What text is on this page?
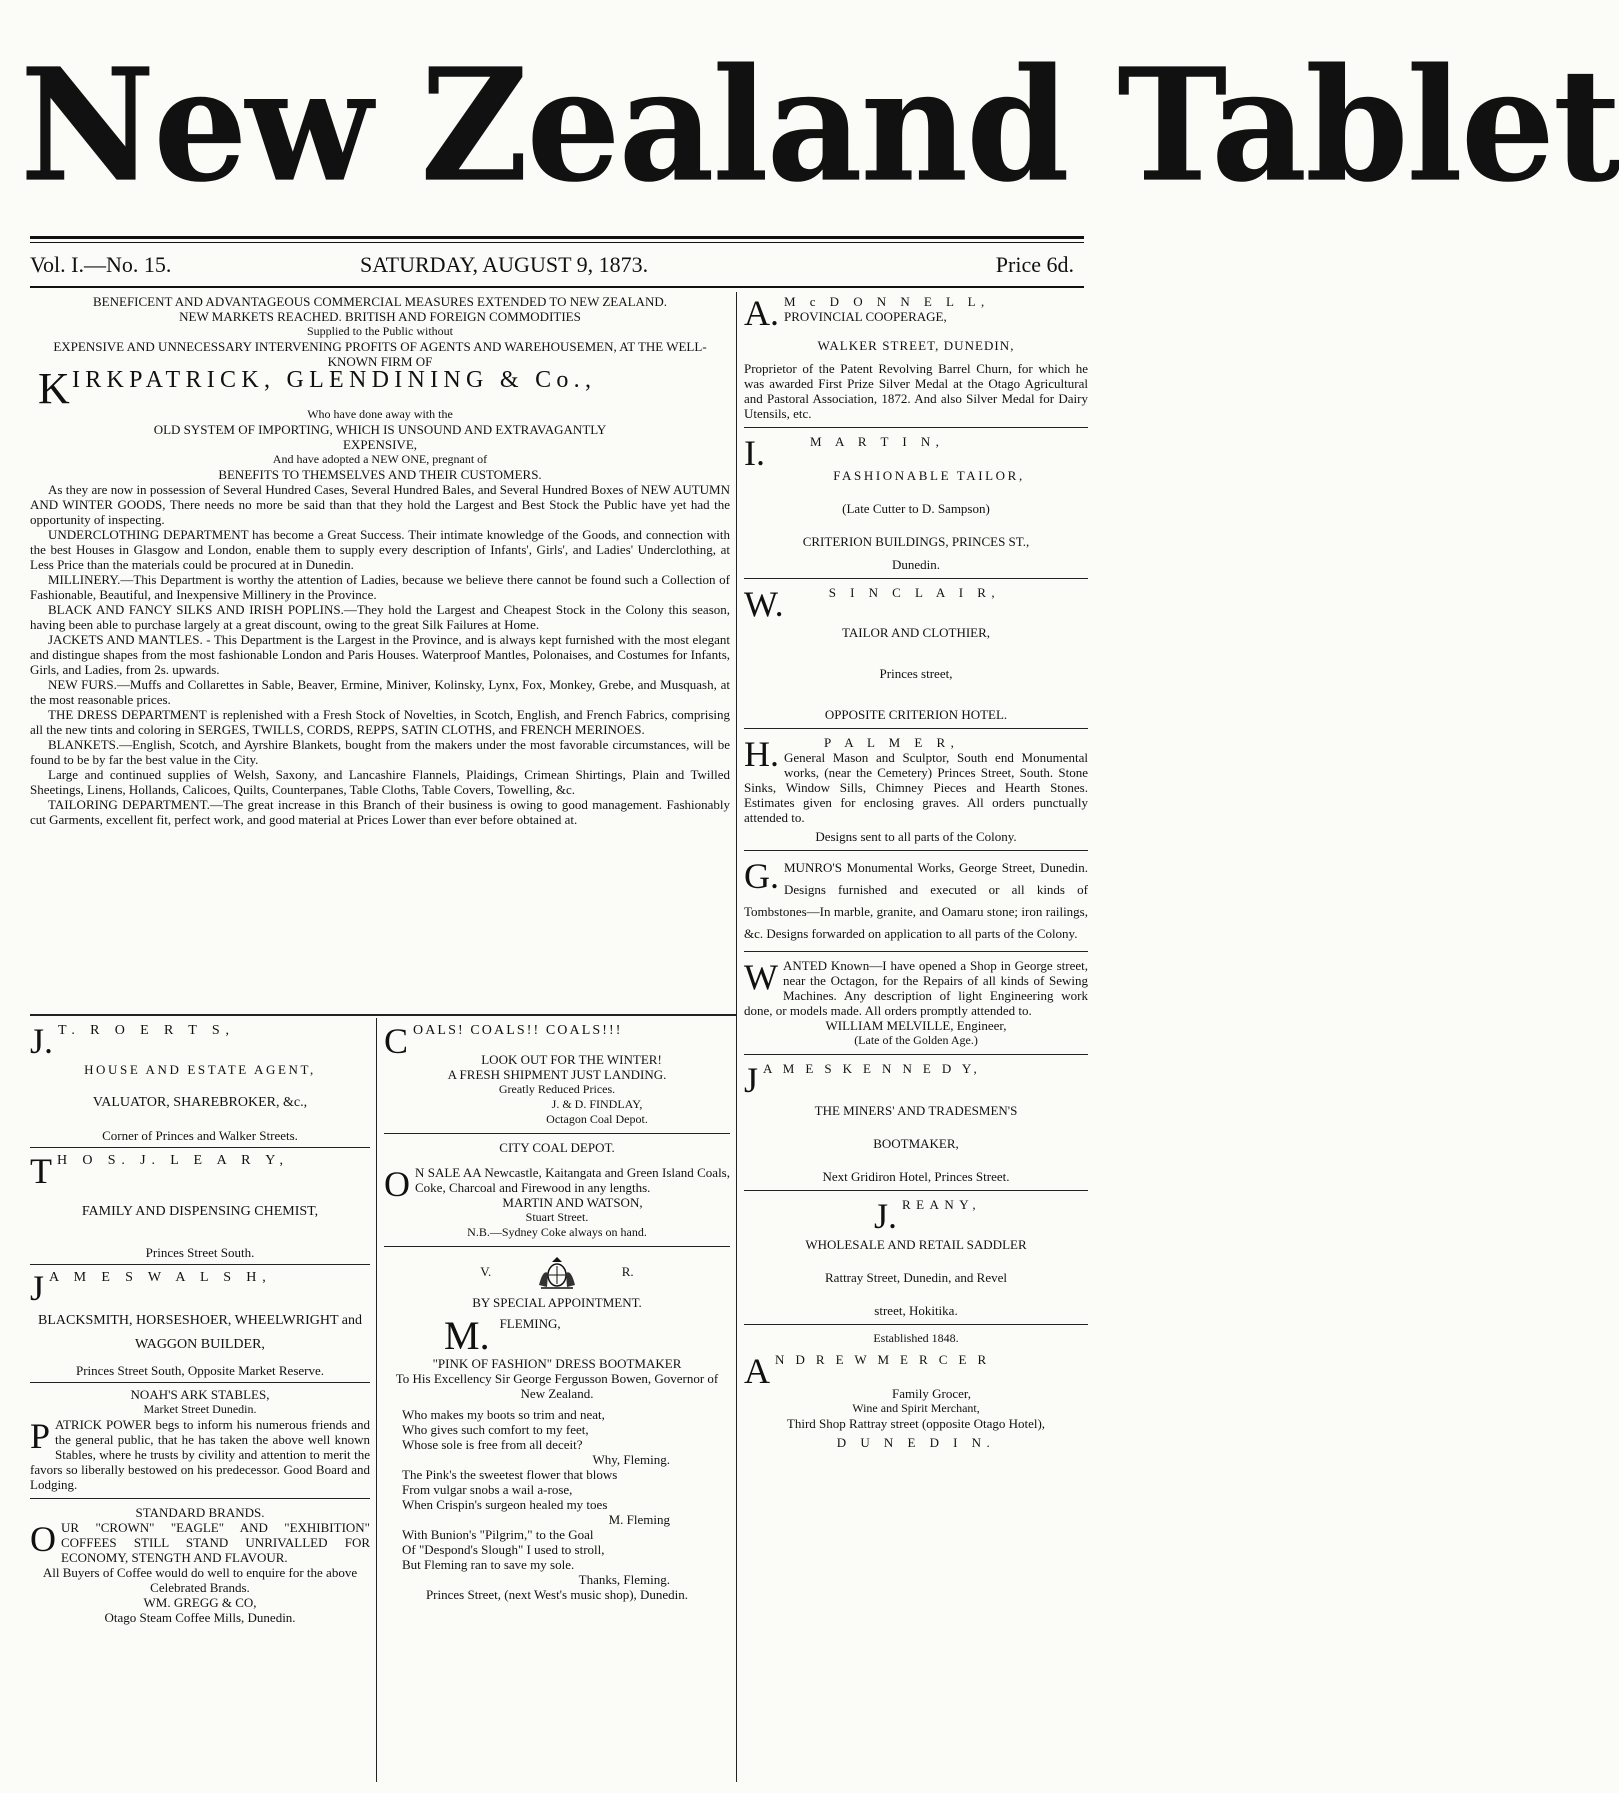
New Zealand Tablet
Vol. I.—No. 15.	SATURDAY, AUGUST 9, 1873.	Price 6d.
BENEFICENT AND ADVANTAGEOUS COMMERCIAL MEASURES EXTENDED TO NEW ZEALAND.
NEW MARKETS REACHED. BRITISH AND FOREIGN COMMODITIES
Supplied to the Public without
EXPENSIVE AND UNNECESSARY INTERVENING PROFITS OF AGENTS AND WAREHOUSEMEN, AT THE WELL-KNOWN FIRM OF
K IRKPATRICK, GLENDINING & Co.,
Who have done away with the
OLD SYSTEM OF IMPORTING, WHICH IS UNSOUND AND EXTRAVAGANTLY EXPENSIVE,
And have adopted a NEW ONE, pregnant of
BENEFITS TO THEMSELVES AND THEIR CUSTOMERS.

As they are now in possession of Several Hundred Cases, Several Hundred Bales, and Several Hundred Boxes of NEW AUTUMN AND WINTER GOODS, There needs no more be said than that they hold the Largest and Best Stock the Public have yet had the opportunity of inspecting.

UNDERCLOTHING DEPARTMENT has become a Great Success. Their intimate knowledge of the Goods, and connection with the best Houses in Glasgow and London, enable them to supply every description of Infants', Girls', and Ladies' Underclothing, at Less Price than the materials could be procured at in Dunedin.

MILLINERY.—This Department is worthy the attention of Ladies, because we believe there cannot be found such a Collection of Fashionable, Beautiful, and Inexpensive Millinery in the Province.

BLACK AND FANCY SILKS AND IRISH POPLINS.—They hold the Largest and Cheapest Stock in the Colony this season, having been able to purchase largely at a great discount, owing to the great Silk Failures at Home.

JACKETS AND MANTLES. - This Department is the Largest in the Province, and is always kept furnished with the most elegant and distingue shapes from the most fashionable London and Paris Houses. Waterproof Mantles, Polonaises, and Costumes for Infants, Girls, and Ladies, from 2s. upwards.

NEW FURS.—Muffs and Collarettes in Sable, Beaver, Ermine, Miniver, Kolinsky, Lynx, Fox, Monkey, Grebe, and Musquash, at the most reasonable prices.

THE DRESS DEPARTMENT is replenished with a Fresh Stock of Novelties, in Scotch, English, and French Fabrics, comprising all the new tints and coloring in SERGES, TWILLS, CORDS, REPPS, SATIN CLOTHS, and FRENCH MERINOES.

BLANKETS.—English, Scotch, and Ayrshire Blankets, bought from the makers under the most favorable circumstances, will be found to be by far the best value in the City.

Large and continued supplies of Welsh, Saxony, and Lancashire Flannels, Plaidings, Crimean Shirtings, Plain and Twilled Sheetings, Linens, Hollands, Calicoes, Quilts, Counterpanes, Table Cloths, Table Covers, Towelling, &c.

TAILORING DEPARTMENT.—The great increase in this Branch of their business is owing to good management. Fashionably cut Garments, excellent fit, perfect work, and good material at Prices Lower than ever before obtained at.

J. T. R O E R T S,
HOUSE AND ESTATE AGENT,
VALUATOR, SHAREBROKER, &c.,
Corner of Princes and Walker Streets.
T H O S. J. L E A R Y,
FAMILY AND DISPENSING CHEMIST,
Princes Street South.
J A M E S W A L S H,
BLACKSMITH, HORSESHOER, WHEELWRIGHT and WAGGON BUILDER,
Princes Street South, Opposite Market Reserve.
NOAH'S ARK STABLES,
Market Street Dunedin.
PATRICK POWER begs to inform his numerous friends and the general public, that he has taken the above well known Stables, where he trusts by civility and attention to merit the favors so liberally bestowed on his predecessor. Good Board and Lodging.
STANDARD BRANDS.
OUR "CROWN" "EAGLE" AND "EXHIBITION" COFFEES STILL STAND UNRIVALLED FOR ECONOMY, STENGTH AND FLAVOUR.
All Buyers of Coffee would do well to enquire for the above Celebrated Brands.
WM. GREGG & CO,
Otago Steam Coffee Mills, Dunedin.
COALS! COALS!! COALS!!!
LOOK OUT FOR THE WINTER!
A FRESH SHIPMENT JUST LANDING.
Greatly Reduced Prices.
J. & D. FINDLAY,
Octagon Coal Depot.
CITY COAL DEPOT.
O N SALE AA Newcastle, Kaitangata and Green Island Coals, Coke, Charcoal and Firewood in any lengths.
MARTIN AND WATSON,
Stuart Street.
N.B.—Sydney Coke always on hand.
V.	R.
BY SPECIAL APPOINTMENT.
M. FLEMING,
"PINK OF FASHION" DRESS BOOTMAKER
To His Excellency Sir George Fergusson Bowen, Governor of New Zealand.
Who makes my boots so trim and neat,
Who gives such comfort to my feet,
Whose sole is free from all deceit?
Why, Fleming.
The Pink's the sweetest flower that blows
From vulgar snobs a wail a-rose,
When Crispin's surgeon healed my toes
M. Fleming
With Bunion's "Pilgrim," to the Goal
Of "Despond's Slough" I used to stroll,
But Fleming ran to save my sole.
Thanks, Fleming.
Princes Street, (next West's music shop), Dunedin.
A. M c D O N N E L L,
PROVINCIAL COOPERAGE,
WALKER STREET, DUNEDIN,
Proprietor of the Patent Revolving Barrel Churn, for which he was awarded First Prize Silver Medal at the Otago Agricultural and Pastoral Association, 1872. And also Silver Medal for Dairy Utensils, etc.
I.	M A R T I N,
FASHIONABLE TAILOR,
(Late Cutter to D. Sampson)
CRITERION BUILDINGS, PRINCES ST.,
Dunedin.
W.	S I N C L A I R,
TAILOR AND CLOTHIER,
Princes street,
OPPOSITE CRITERION HOTEL.
H.	P A L M E R,
General Mason and Sculptor, South end Monumental works, (near the Cemetery) Princes Street, South. Stone Sinks, Window Sills, Chimney Pieces and Hearth Stones. Estimates given for enclosing graves. All orders punctually attended to.
Designs sent to all parts of the Colony.
G. MUNRO'S Monumental Works, George Street, Dunedin. Designs furnished and executed or all kinds of Tombstones—In marble, granite, and Oamaru stone; iron railings, &c. Designs forwarded on application to all parts of the Colony.
WANTED Known—I have opened a Shop in George street, near the Octagon, for the Repairs of all kinds of Sewing Machines. Any description of light Engineering work done, or models made. All orders promptly attended to.
WILLIAM MELVILLE, Engineer,
(Late of the Golden Age.)
J A M E S K E N N E D Y,
THE MINERS' AND TRADESMEN'S
BOOTMAKER,
Next Gridiron Hotel, Princes Street.
J. REANY,
WHOLESALE AND RETAIL SADDLER
Rattray Street, Dunedin, and Revel
street, Hokitika.
Established 1848.
A N D R E W M E R C E R
Family Grocer,
Wine and Spirit Merchant,
Third Shop Rattray street (opposite Otago Hotel),
D U N E D I N.
